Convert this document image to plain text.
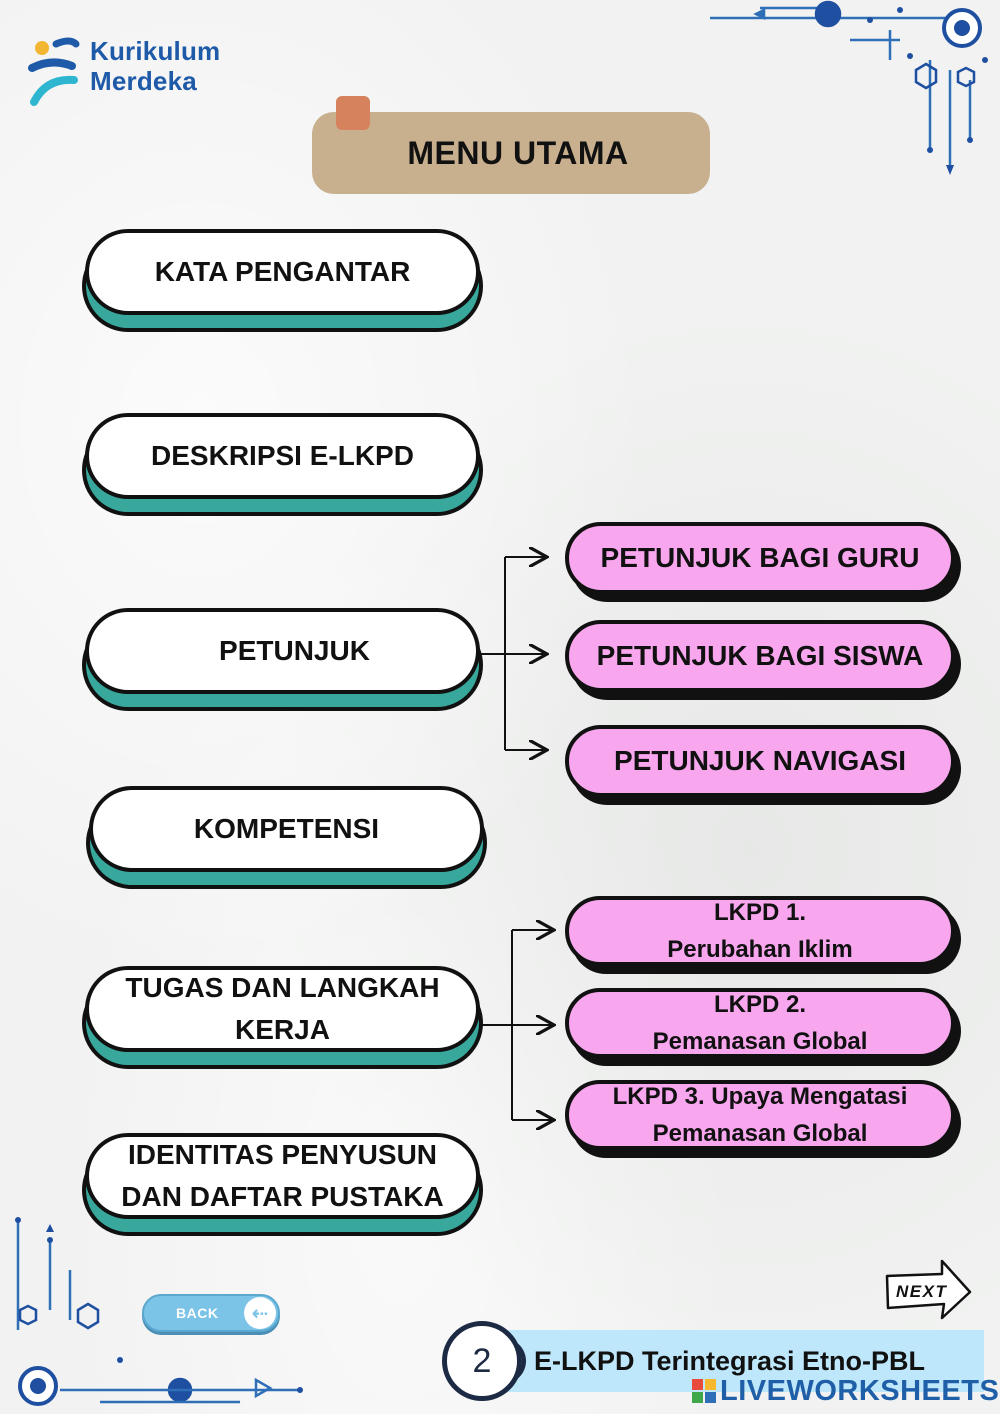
Kurikulum
Merdeka
MENU UTAMA
KATA PENGANTAR
DESKRIPSI E-LKPD
PETUNJUK
KOMPETENSI
TUGAS DAN LANGKAH KERJA
IDENTITAS PENYUSUN DAN DAFTAR PUSTAKA
PETUNJUK BAGI GURU
PETUNJUK BAGI SISWA
PETUNJUK NAVIGASI
LKPD 1.
Perubahan Iklim
LKPD 2.
Pemanasan Global
LKPD 3. Upaya Mengatasi
Pemanasan Global
BACK	⇠
NEXT
E-LKPD Terintegrasi Etno-PBL
2
LIVEWORKSHEETS
